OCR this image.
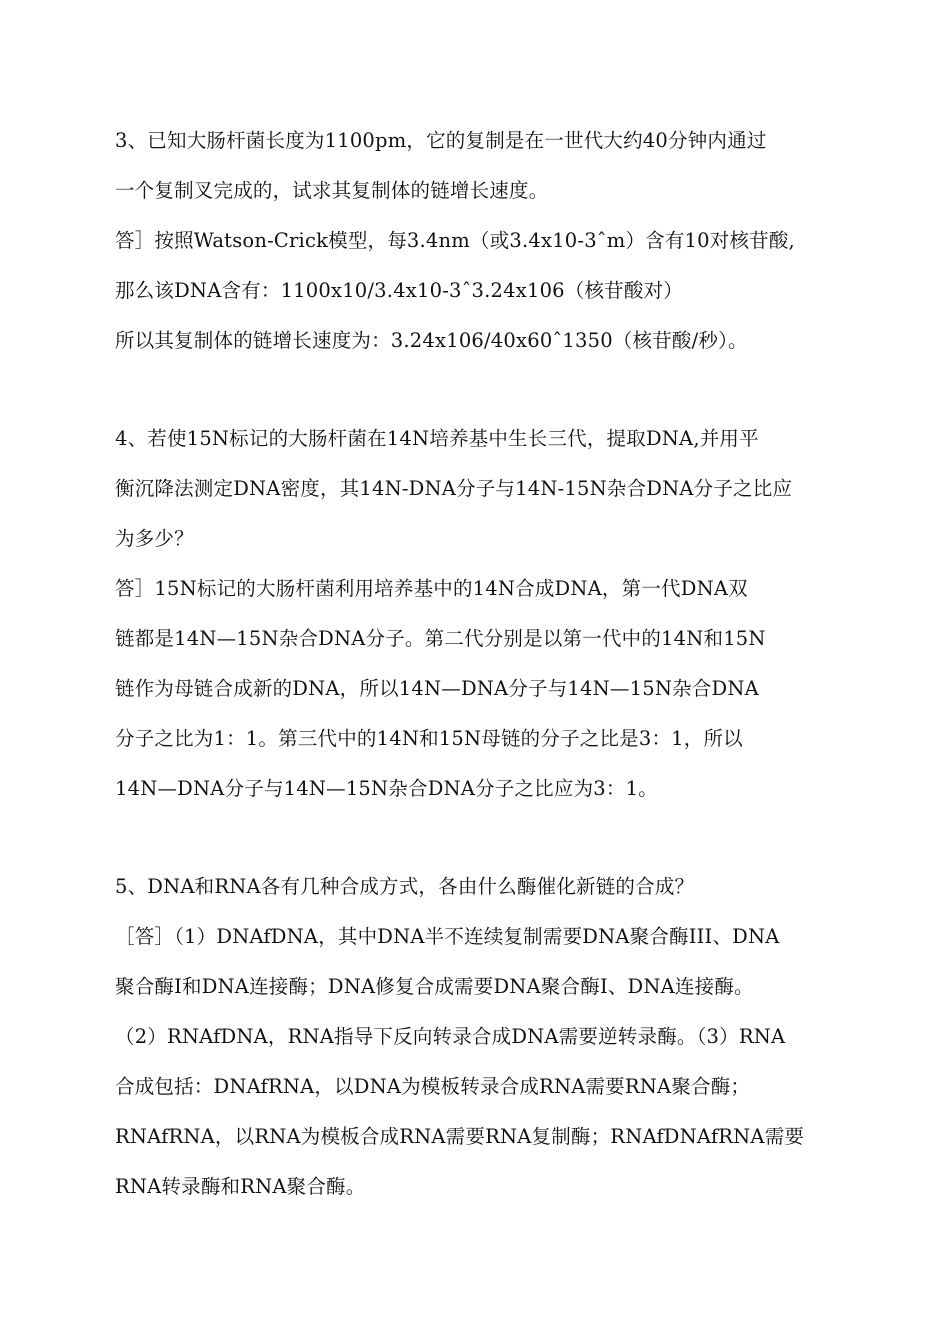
3、已知大肠杆菌长度为1100pm，它的复制是在一世代大约40分钟内通过
一个复制叉完成的，试求其复制体的链增长速度。
答］按照Watson-Crick模型，每3.4nm（或3.4x10-3ˆm）含有10对核苷酸,
那么该DNA含有：1100x10/3.4x10-3ˆ3.24x106（核苷酸对）
所以其复制体的链增长速度为：3.24x106/40x60ˆ1350（核苷酸/秒）。
4、若使15N标记的大肠杆菌在14N培养基中生长三代，提取DNA,并用平
衡沉降法测定DNA密度，其14N-DNA分子与14N-15N杂合DNA分子之比应
为多少？
答］15N标记的大肠杆菌利用培养基中的14N合成DNA，第一代DNA双
链都是14N—15N杂合DNA分子。第二代分别是以第一代中的14N和15N
链作为母链合成新的DNA，所以14N—DNA分子与14N—15N杂合DNA
分子之比为1：1。第三代中的14N和15N母链的分子之比是3：1，所以
14N—DNA分子与14N—15N杂合DNA分子之比应为3：1。
5、DNA和RNA各有几种合成方式，各由什么酶催化新链的合成？
［答］（1）DNAfDNA，其中DNA半不连续复制需要DNA聚合酶III、DNA
聚合酶I和DNA连接酶；DNA修复合成需要DNA聚合酶I、DNA连接酶。
（2）RNAfDNA，RNA指导下反向转录合成DNA需要逆转录酶。（3）RNA
合成包括：DNAfRNA，以DNA为模板转录合成RNA需要RNA聚合酶；
RNAfRNA，以RNA为模板合成RNA需要RNA复制酶；RNAfDNAfRNA需要
RNA转录酶和RNA聚合酶。
